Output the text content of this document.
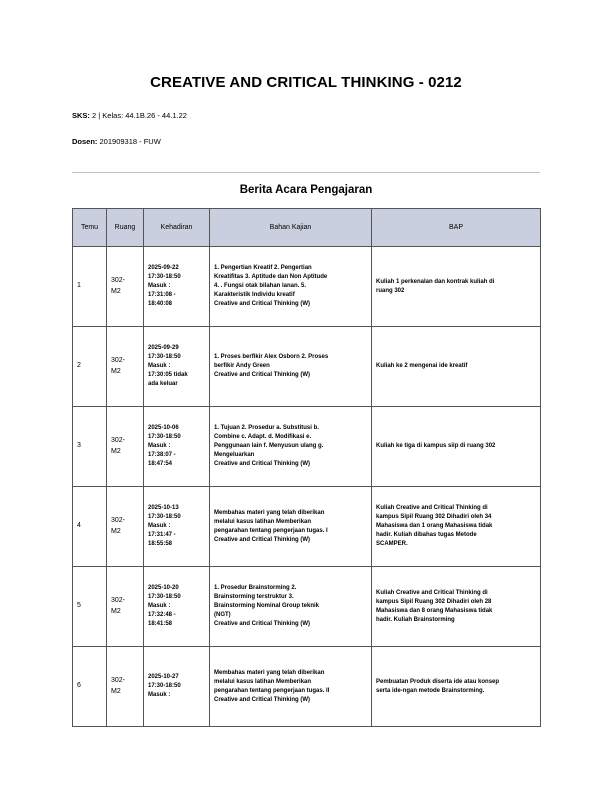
CREATIVE AND CRITICAL THINKING - 0212
SKS: 2 | Kelas: 44.1B.26 - 44.1.22
Dosen: 201909318 - FUW
Berita Acara Pengajaran
Temu	Ruang	Kehadiran	Bahan Kajian	BAP
1	302-
M2	2025-09-22
17:30-18:50
Masuk :
17:31:08 -
18:40:08	1. Pengertian Kreatif 2. Pengertian
Kreatifitas 3. Aptitude dan Non Aptitude
4. . Fungsi otak bilahan lanan. 5.
Karakteristik Individu kreatif
Creative and Critical Thinking (W)	Kuliah 1 perkenalan dan kontrak kuliah di
ruang 302

2	302-
M2	2025-09-29
17:30-18:50
Masuk :
17:30:05 tidak
ada keluar	1. Proses berfikir Alex Osborn 2. Proses
berfikir Andy Green
Creative and Critical Thinking (W)	Kuliah ke 2 mengenai ide kreatif

3	302-
M2	2025-10-06
17:30-18:50
Masuk :
17:38:07 -
18:47:54	1. Tujuan 2. Prosedur a. Substitusi b.
Combine c. Adapt. d. Modifikasi e.
Penggunaan lain f. Menyusun ulang g.
Mengeluarkan
Creative and Critical Thinking (W)	Kuliah ke tiga di kampus siip di ruang 302

4	302-
M2	2025-10-13
17:30-18:50
Masuk :
17:31:47 -
18:55:58	Membahas materi yang telah diberikan
melalui kasus latihan Memberikan
pengarahan tentang pengerjaan tugas. I
Creative and Critical Thinking (W)	Kuliah Creative and Critical Thinking di
kampus Sipil Ruang 302 Dihadiri oleh 34
Mahasiswa dan 1 orang Mahasiswa tidak
hadir. Kuliah dibahas tugas Metode
SCAMPER.

5	302-
M2	2025-10-20
17:30-18:50
Masuk :
17:32:48 -
18:41:58	1. Prosedur Brainstorming 2.
Brainstorming terstruktur 3.
Brainstorming Nominal Group teknik
(NGT)
Creative and Critical Thinking (W)	Kuliah Creative and Critical Thinking di
kampus Sipil Ruang 302 Dihadiri oleh 28
Mahasiswa dan 8 orang Mahasiswa tidak
hadir. Kuliah Brainstorming

6	302-
M2	2025-10-27
17:30-18:50
Masuk :	Membahas materi yang telah diberikan
melalui kasus latihan Memberikan
pengarahan tentang pengerjaan tugas. II
Creative and Critical Thinking (W)	Pembuatan Produk diserta ide atau konsep
serta ide-ngan metode Brainstorming.
